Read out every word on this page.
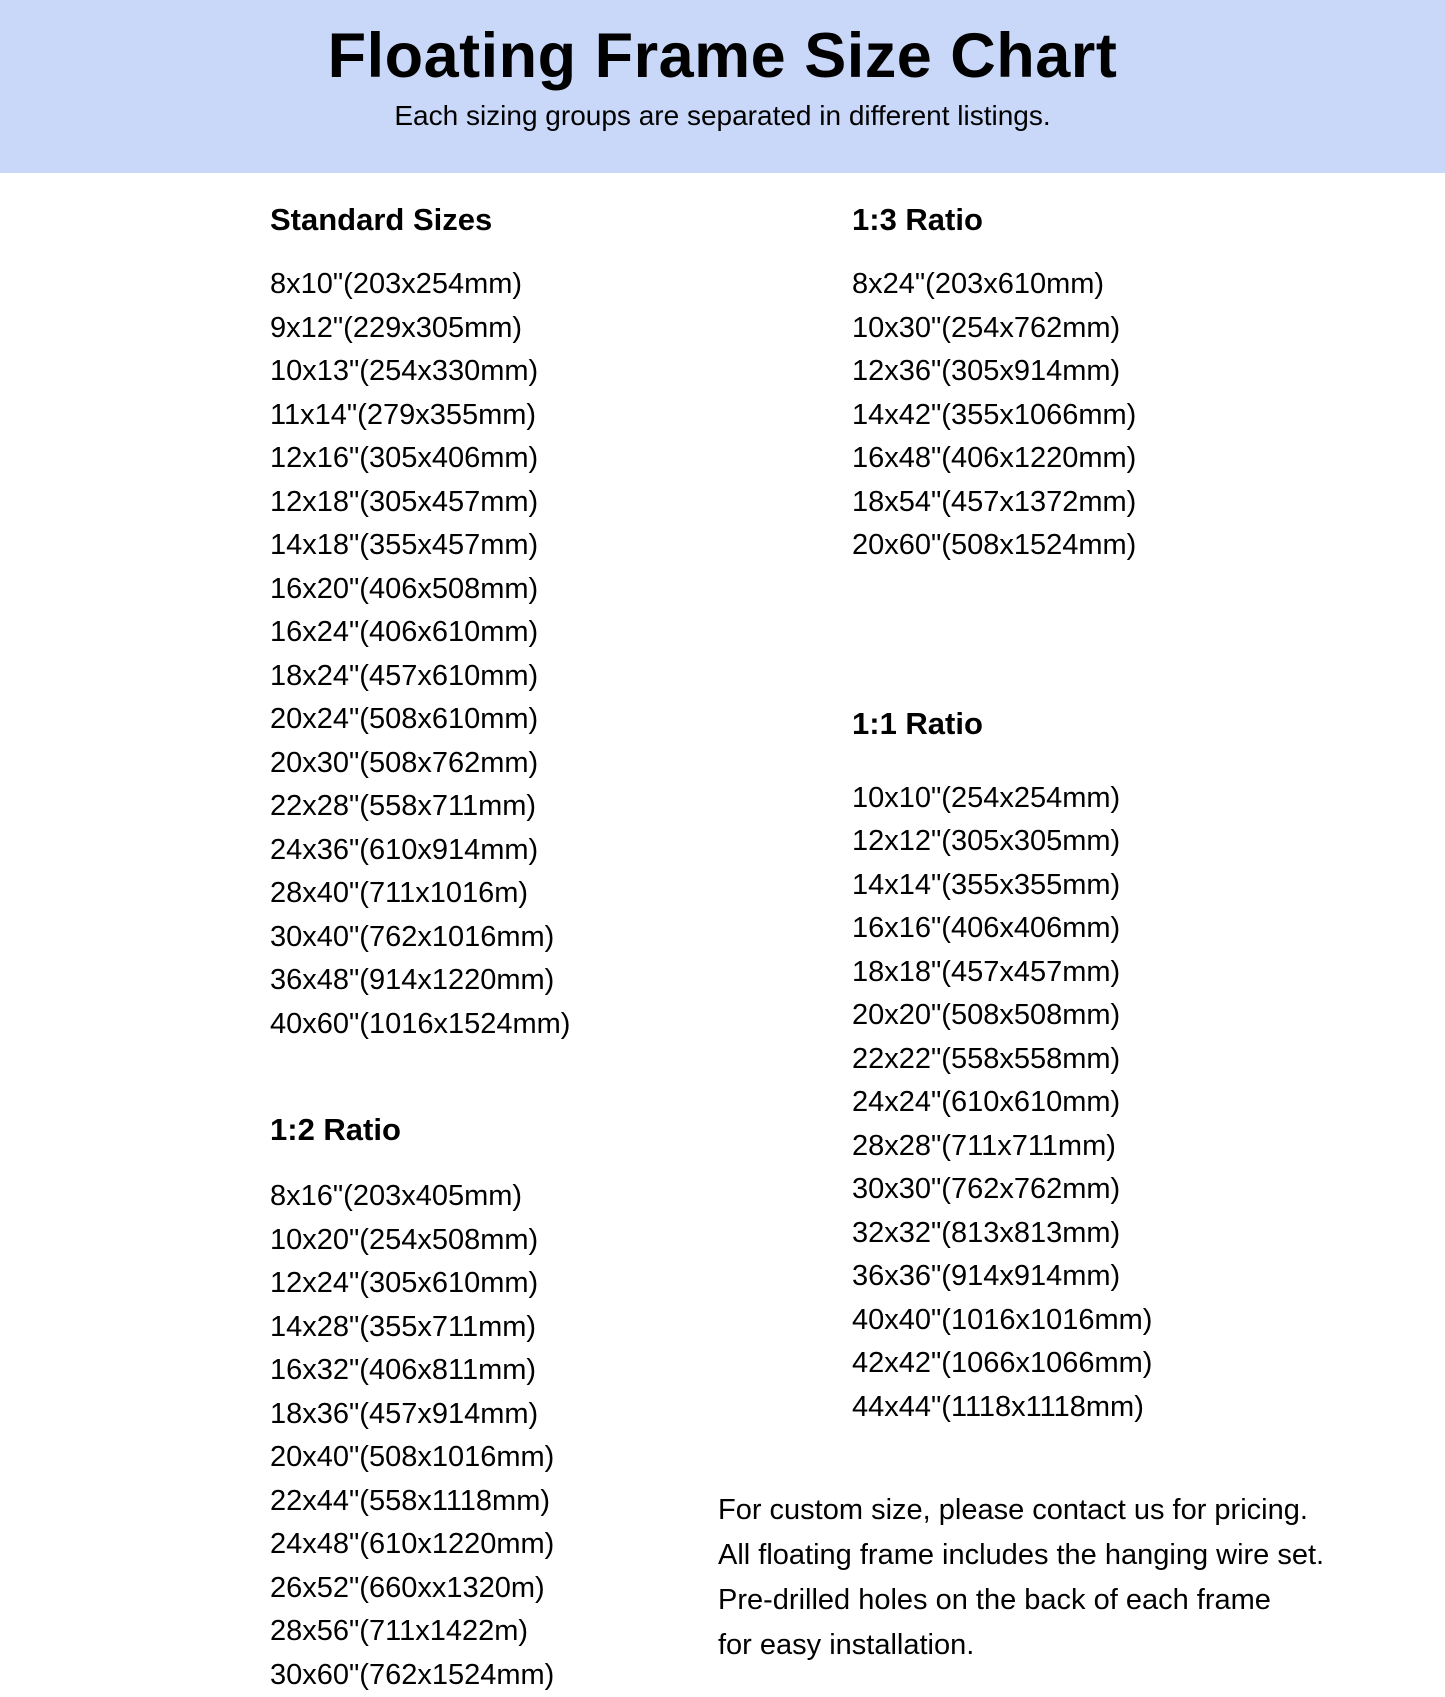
Floating Frame Size Chart
Each sizing groups are separated in different listings.
Standard Sizes
8x10"(203x254mm)
9x12"(229x305mm)
10x13"(254x330mm)
11x14"(279x355mm)
12x16"(305x406mm)
12x18"(305x457mm)
14x18"(355x457mm)
16x20"(406x508mm)
16x24"(406x610mm)
18x24"(457x610mm)
20x24"(508x610mm)
20x30"(508x762mm)
22x28"(558x711mm)
24x36"(610x914mm)
28x40"(711x1016m)
30x40"(762x1016mm)
36x48"(914x1220mm)
40x60"(1016x1524mm)
1:2 Ratio
8x16"(203x405mm)
10x20"(254x508mm)
12x24"(305x610mm)
14x28"(355x711mm)
16x32"(406x811mm)
18x36"(457x914mm)
20x40"(508x1016mm)
22x44"(558x1118mm)
24x48"(610x1220mm)
26x52"(660xx1320m)
28x56"(711x1422m)
30x60"(762x1524mm)
1:3 Ratio
8x24"(203x610mm)
10x30"(254x762mm)
12x36"(305x914mm)
14x42"(355x1066mm)
16x48"(406x1220mm)
18x54"(457x1372mm)
20x60"(508x1524mm)
1:1 Ratio
10x10"(254x254mm)
12x12"(305x305mm)
14x14"(355x355mm)
16x16"(406x406mm)
18x18"(457x457mm)
20x20"(508x508mm)
22x22"(558x558mm)
24x24"(610x610mm)
28x28"(711x711mm)
30x30"(762x762mm)
32x32"(813x813mm)
36x36"(914x914mm)
40x40"(1016x1016mm)
42x42"(1066x1066mm)
44x44"(1118x1118mm)
For custom size, please contact us for pricing.
All floating frame includes the hanging wire set.
Pre-drilled holes on the back of each frame
for easy installation.
